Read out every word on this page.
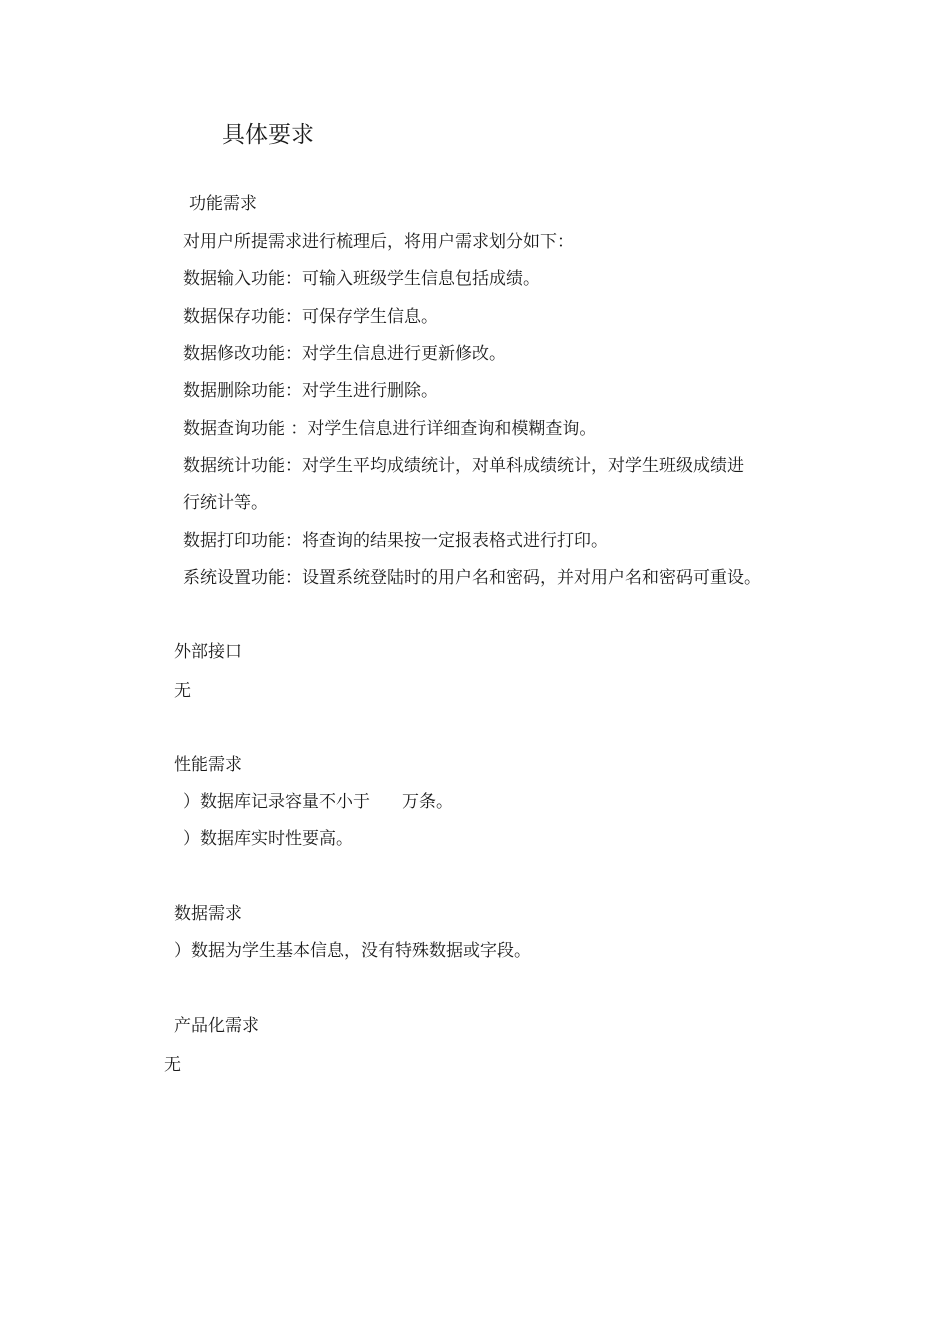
具体要求
功能需求
对用户所提需求进行梳理后，将用户需求划分如下：
数据输入功能：可输入班级学生信息包括成绩。
数据保存功能：可保存学生信息。
数据修改功能：对学生信息进行更新修改。
数据删除功能：对学生进行删除。
数据查询功能 ：对学生信息进行详细查询和模糊查询。
数据统计功能：对学生平均成绩统计，对单科成绩统计，对学生班级成绩进
行统计等。
数据打印功能：将查询的结果按一定报表格式进行打印。
系统设置功能：设置系统登陆时的用户名和密码，并对用户名和密码可重设。
外部接口
无
性能需求
）数据库记录容量不小于 万条。
）数据库实时性要高。
数据需求
）数据为学生基本信息，没有特殊数据或字段。
产品化需求
无
